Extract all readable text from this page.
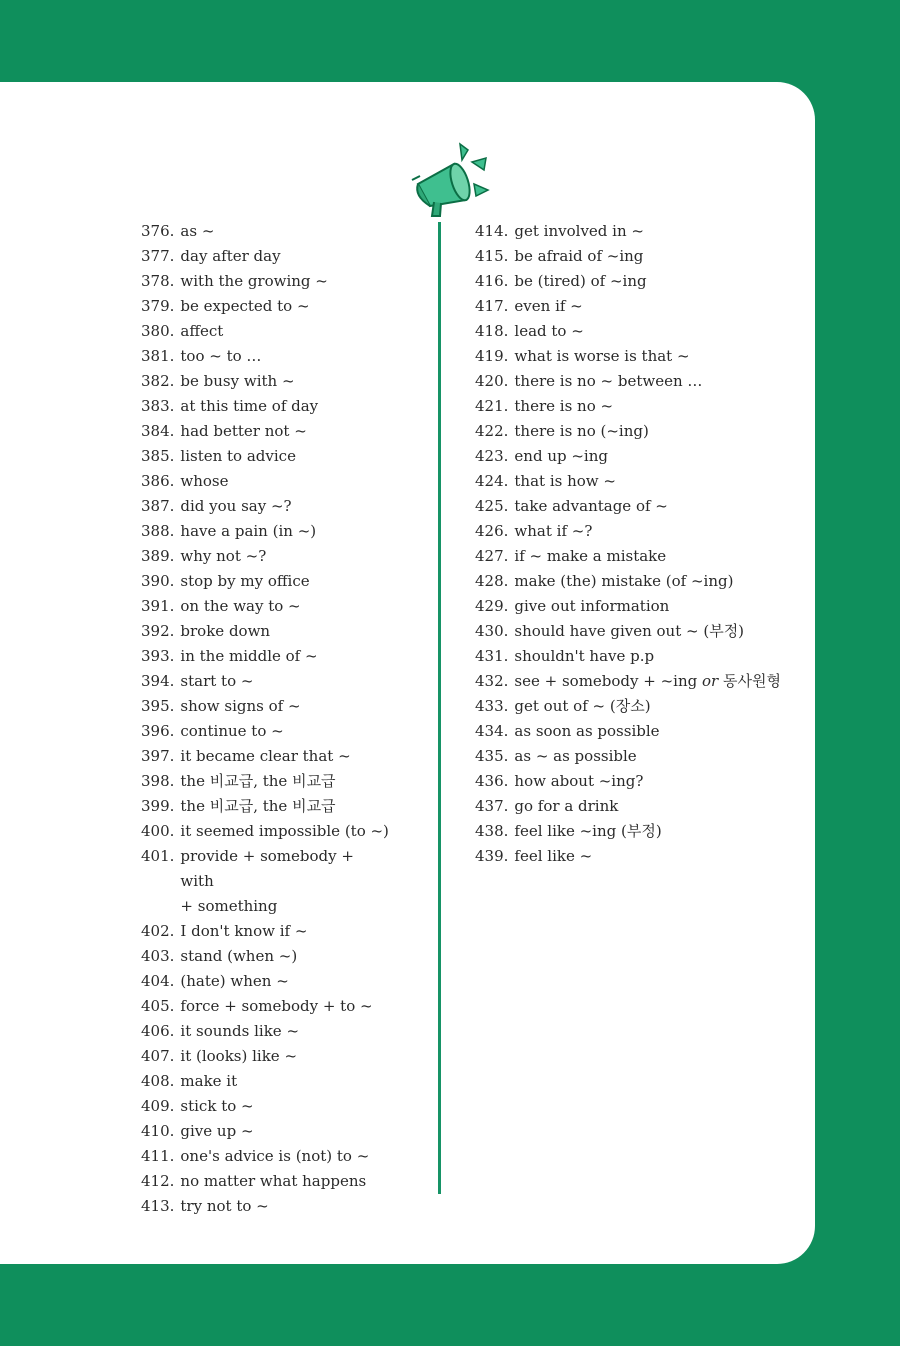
376. as ~
377. day after day
378. with the growing ~
379. be expected to ~
380. affect
381. too ~ to …
382. be busy with ~
383. at this time of day
384. had better not ~
385. listen to advice
386. whose
387. did you say ~?
388. have a pain (in ~)
389. why not ~?
390. stop by my office
391. on the way to ~
392. broke down
393. in the middle of ~
394. start to ~
395. show signs of ~
396. continue to ~
397. it became clear that ~
398. the 비교급, the 비교급
399. the 비교급, the 비교급
400. it seemed impossible (to ~)
401. provide + somebody + with
+ something
402. I don't know if ~
403. stand (when ~)
404. (hate) when ~
405. force + somebody + to ~
406. it sounds like ~
407. it (looks) like ~
408. make it
409. stick to ~
410. give up ~
411. one's advice is (not) to ~
412. no matter what happens
413. try not to ~
414. get involved in ~
415. be afraid of ~ing
416. be (tired) of ~ing
417. even if ~
418. lead to ~
419. what is worse is that ~
420. there is no ~ between …
421. there is no ~
422. there is no (~ing)
423. end up ~ing
424. that is how ~
425. take advantage of ~
426. what if ~?
427. if ~ make a mistake
428. make (the) mistake (of ~ing)
429. give out information
430. should have given out ~ (부정)
431. shouldn't have p.p
432. see + somebody + ~ing or 동사원형
433. get out of ~ (장소)
434. as soon as possible
435. as ~ as possible
436. how about ~ing?
437. go for a drink
438. feel like ~ing (부정)
439. feel like ~
